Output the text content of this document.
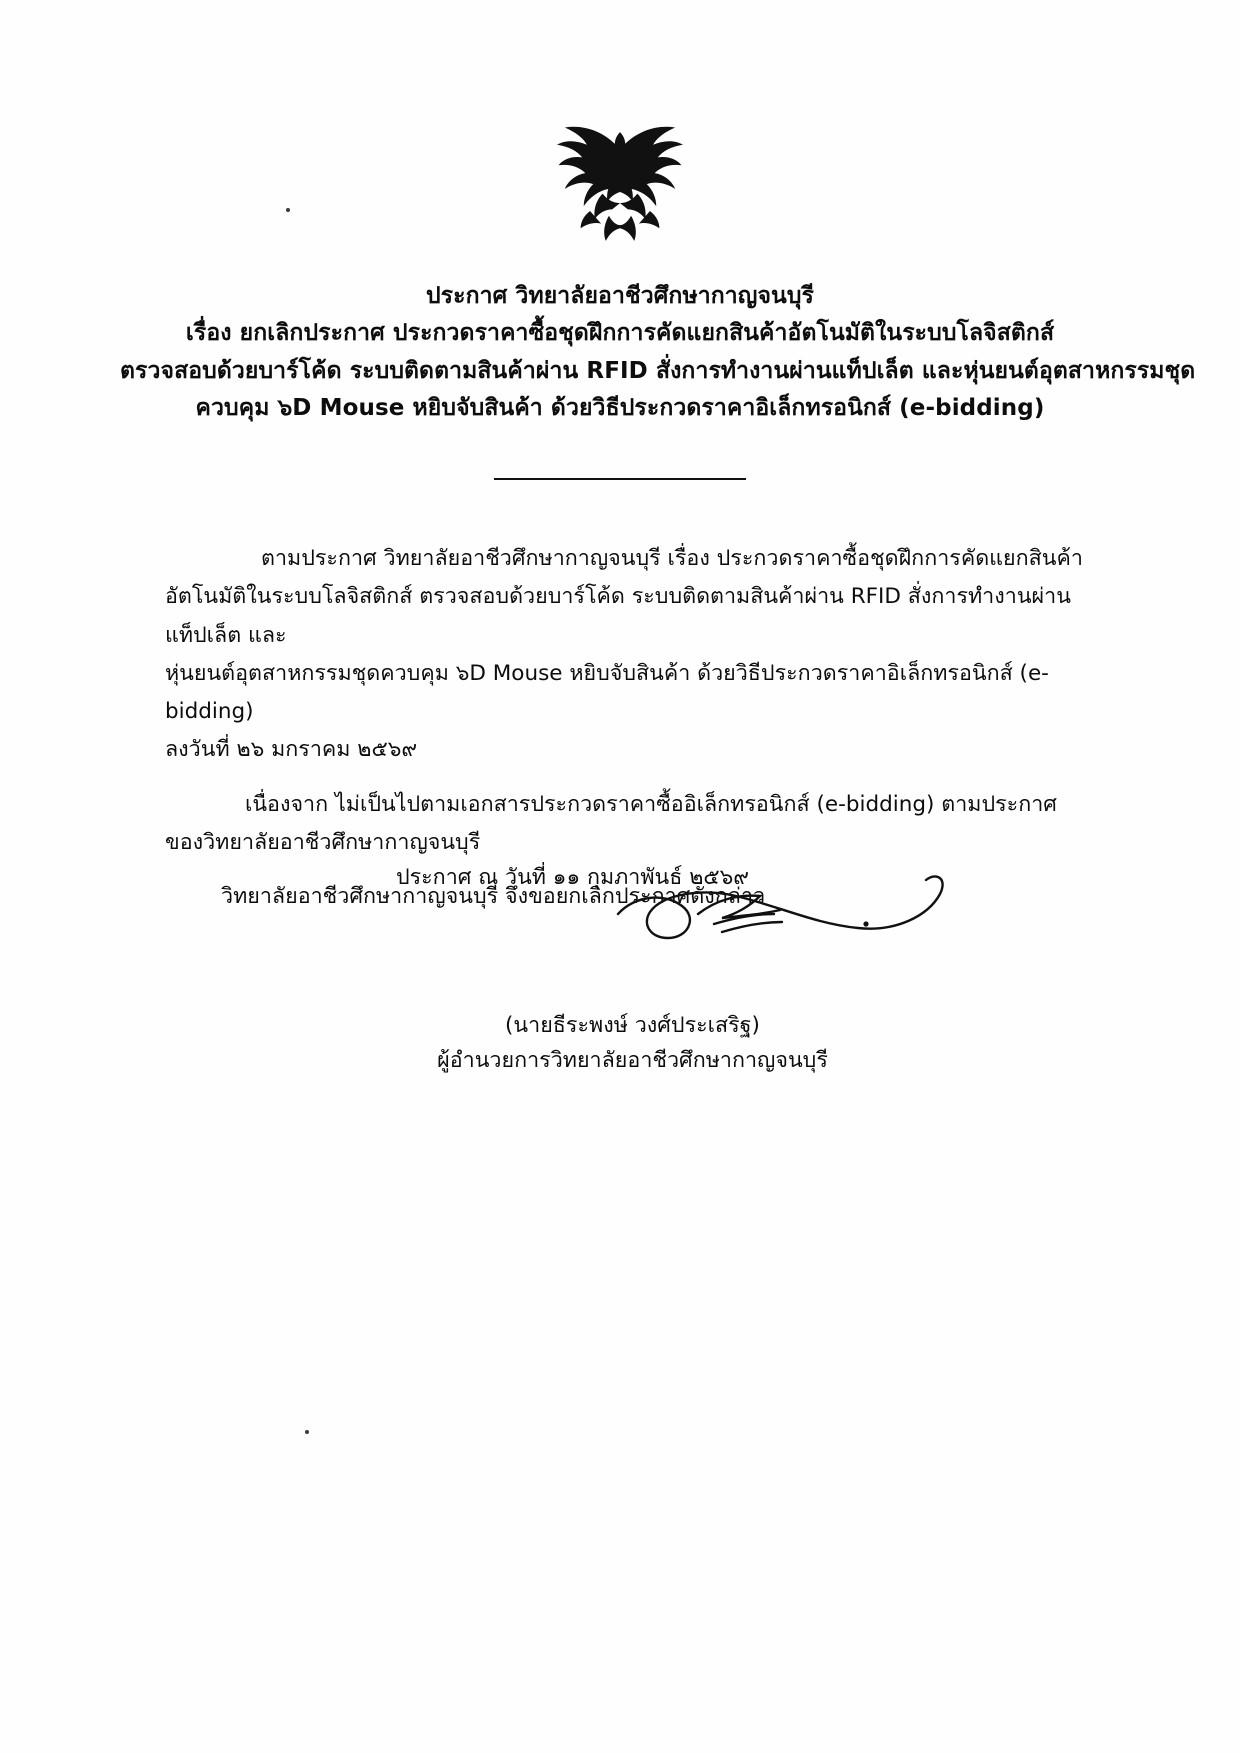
ประกาศ วิทยาลัยอาชีวศึกษากาญจนบุรี
เรื่อง ยกเลิกประกาศ ประกวดราคาซื้อชุดฝึกการคัดแยกสินค้าอัตโนมัติในระบบโลจิสติกส์
ตรวจสอบด้วยบาร์โค้ด ระบบติดตามสินค้าผ่าน RFID สั่งการทำงานผ่านแท็ปเล็ต และหุ่นยนต์อุตสาหกรรมชุด
ควบคุม ๖D Mouse หยิบจับสินค้า ด้วยวิธีประกวดราคาอิเล็กทรอนิกส์ (e-bidding)
ตามประกาศ วิทยาลัยอาชีวศึกษากาญจนบุรี เรื่อง ประกวดราคาซื้อชุดฝึกการคัดแยกสินค้า
อัตโนมัติในระบบโลจิสติกส์ ตรวจสอบด้วยบาร์โค้ด ระบบติดตามสินค้าผ่าน RFID สั่งการทำงานผ่านแท็ปเล็ต และ
หุ่นยนต์อุตสาหกรรมชุดควบคุม ๖D Mouse หยิบจับสินค้า ด้วยวิธีประกวดราคาอิเล็กทรอนิกส์ (e-bidding)
ลงวันที่ ๒๖ มกราคม ๒๕๖๙
เนื่องจาก ไม่เป็นไปตามเอกสารประกวดราคาซื้ออิเล็กทรอนิกส์ (e-bidding) ตามประกาศ
ของวิทยาลัยอาชีวศึกษากาญจนบุรี
วิทยาลัยอาชีวศึกษากาญจนบุรี จึงขอยกเลิกประกาศดังกล่าว
ประกาศ ณ วันที่ ๑๑ กุมภาพันธ์ ๒๕๖๙
(นายธีระพงษ์ วงศ์ประเสริฐ)
ผู้อำนวยการวิทยาลัยอาชีวศึกษากาญจนบุรี
